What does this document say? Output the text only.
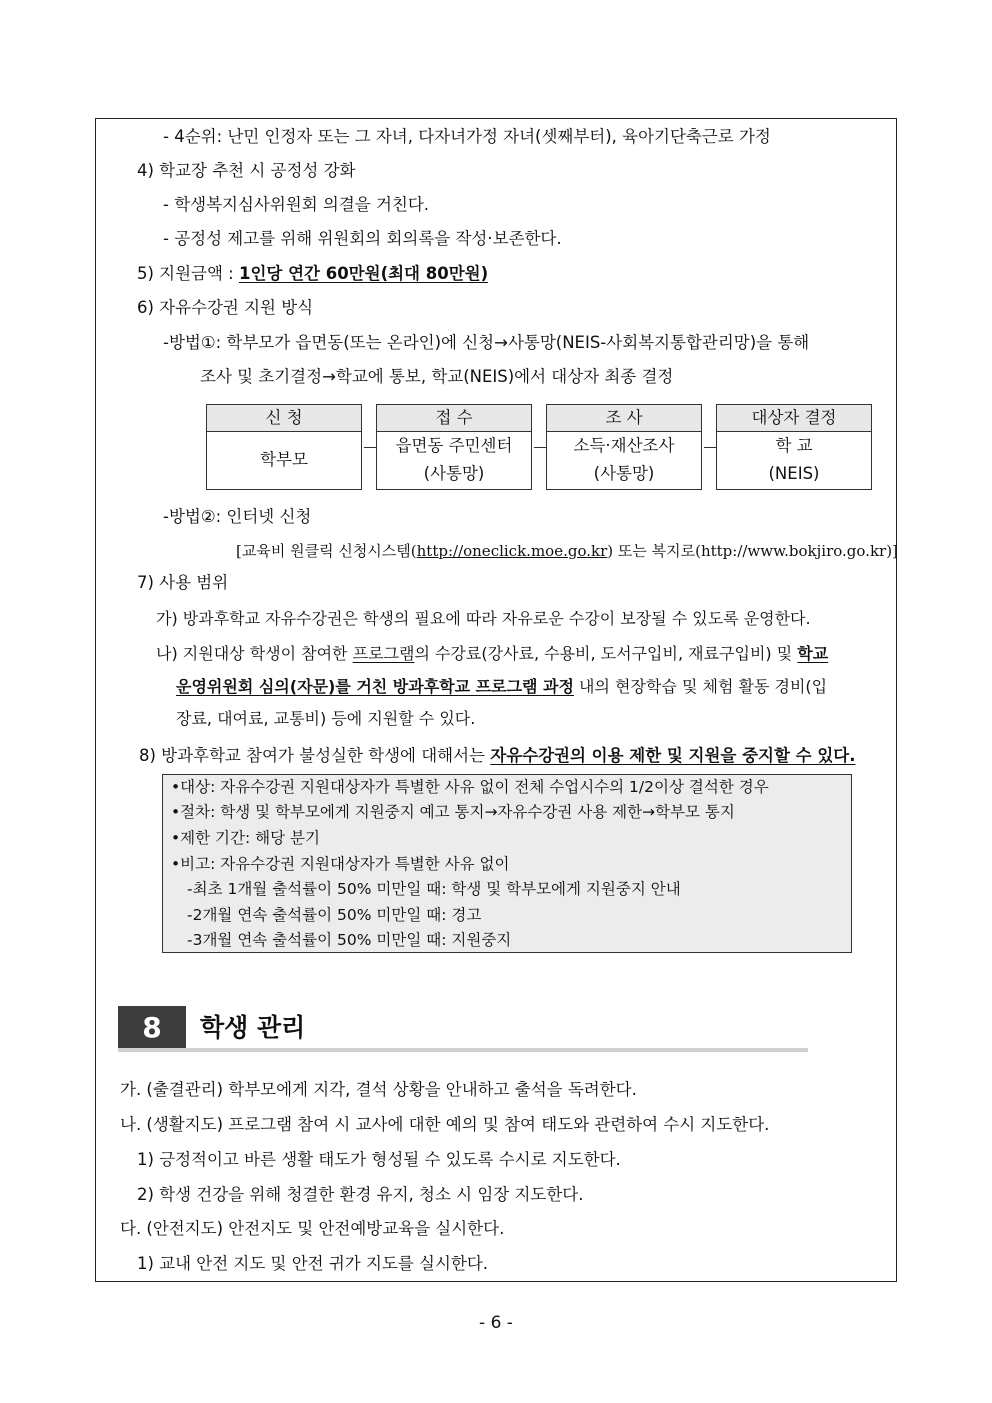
- 4순위: 난민 인정자 또는 그 자녀, 다자녀가정 자녀(셋째부터), 육아기단축근로 가정
4) 학교장 추천 시 공정성 강화
- 학생복지심사위원회 의결을 거친다.
- 공정성 제고를 위해 위원회의 회의록을 작성·보존한다.
5) 지원금액 : 1인당 연간 60만원(최대 80만원)
6) 자유수강권 지원 방식
-방법①: 학부모가 읍면동(또는 온라인)에 신청→사통망(NEIS-사회복지통합관리망)을 통해
조사 및 초기결정→학교에 통보, 학교(NEIS)에서 대상자 최종 결정
신 청
학부모
접 수
읍면동 주민센터
(사통망)
조 사
소득·재산조사
(사통망)
대상자 결정
학 교
(NEIS)
-방법②: 인터넷 신청
[교육비 원클릭 신청시스템(http://oneclick.moe.go.kr) 또는 복지로(http://www.bokjiro.go.kr)]
7) 사용 범위
가) 방과후학교 자유수강권은 학생의 필요에 따라 자유로운 수강이 보장될 수 있도록 운영한다.
나) 지원대상 학생이 참여한 프로그램의 수강료(강사료, 수용비, 도서구입비, 재료구입비) 및 학교
운영위원회 심의(자문)를 거친 방과후학교 프로그램 과정 내의 현장학습 및 체험 활동 경비(입
장료, 대여료, 교통비) 등에 지원할 수 있다.
8) 방과후학교 참여가 불성실한 학생에 대해서는 자유수강권의 이용 제한 및 지원을 중지할 수 있다.
•대상: 자유수강권 지원대상자가 특별한 사유 없이 전체 수업시수의 1/2이상 결석한 경우
•절차: 학생 및 학부모에게 지원중지 예고 통지→자유수강권 사용 제한→학부모 통지
•제한 기간: 해당 분기
•비고: 자유수강권 지원대상자가 특별한 사유 없이
-최초 1개월 출석률이 50% 미만일 때: 학생 및 학부모에게 지원중지 안내
-2개월 연속 출석률이 50% 미만일 때: 경고
-3개월 연속 출석률이 50% 미만일 때: 지원중지
8	학생 관리
가. (출결관리) 학부모에게 지각, 결석 상황을 안내하고 출석을 독려한다.
나. (생활지도) 프로그램 참여 시 교사에 대한 예의 및 참여 태도와 관련하여 수시 지도한다.
1) 긍정적이고 바른 생활 태도가 형성될 수 있도록 수시로 지도한다.
2) 학생 건강을 위해 청결한 환경 유지, 청소 시 임장 지도한다.
다. (안전지도) 안전지도 및 안전예방교육을 실시한다.
1) 교내 안전 지도 및 안전 귀가 지도를 실시한다.
- 6 -
